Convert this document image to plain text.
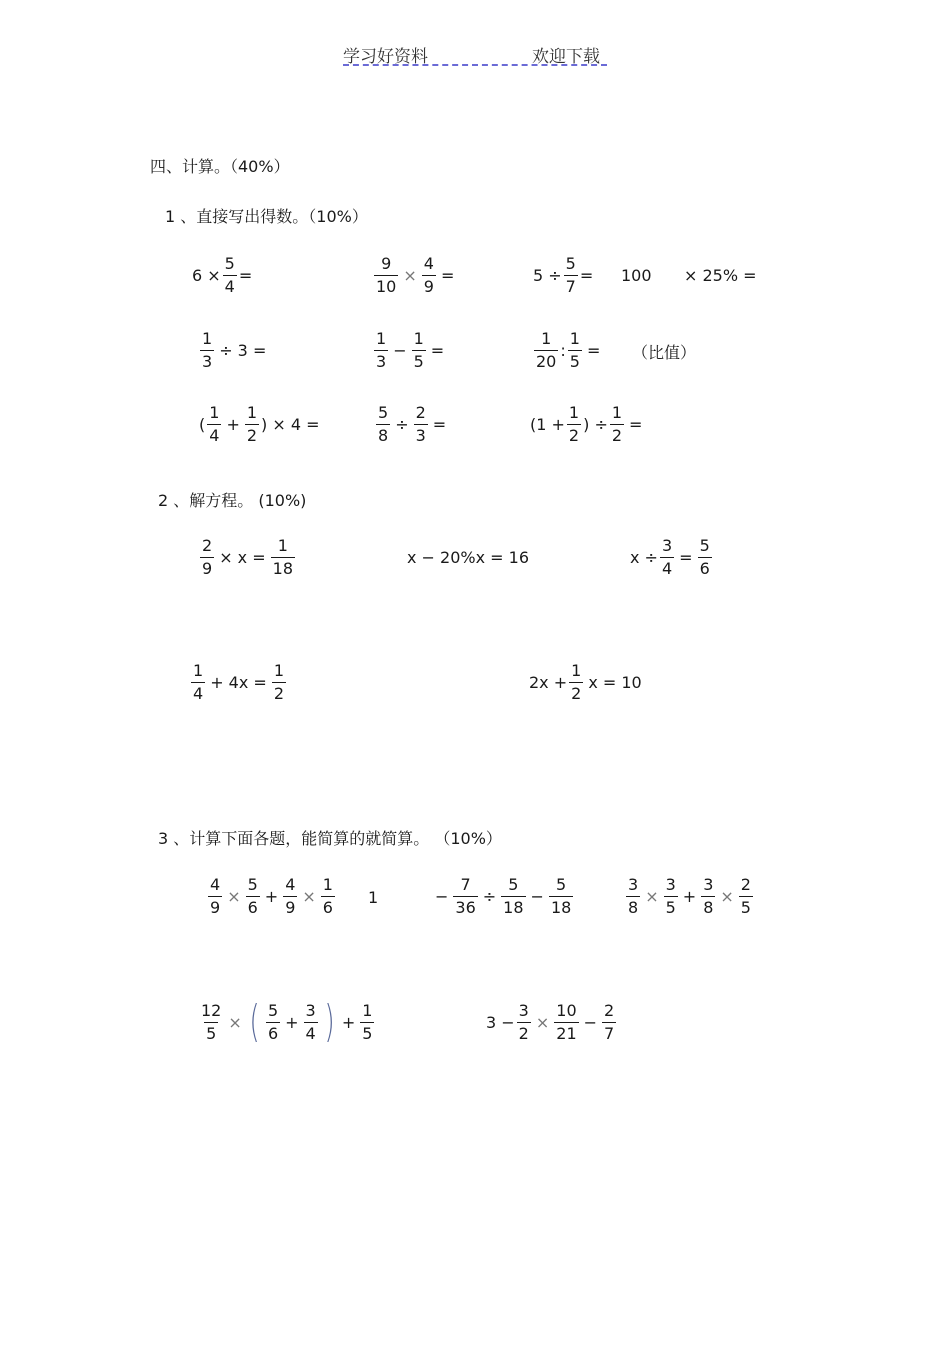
学习好资料	欢迎下载
四、计算。（40%）
1 、直接写出得数。（10%）
$6 \times \frac{5}{4}$ =	$\frac{9}{10} \times \frac{4}{9}$ =	$5 \div \frac{5}{7} = 100 \times 25\%$ =
$\frac{1}{3} \div 3$ =	$\frac{1}{3} - \frac{1}{5}$ =	$\frac{1}{20}$ : $\frac{1}{5}$ = （比值）
( $\frac{1}{4} + \frac{1}{2}$ ) × 4 =	$\frac{5}{8} \div \frac{2}{3}$ =	($1 + \frac{1}{2}$ ) ÷ $\frac{1}{2}$ =
2 、解方程。 (10%)
$\frac{2}{9} \times x = \frac{1}{18}$	x − 20%x = 16	$x \div \frac{3}{4} = \frac{5}{6}$
$\frac{1}{4} + 4x = \frac{1}{2}$	$2x + \frac{1}{2}$ x = 10
3 、计算下面各题，能简算的就简算。 （10%）
$\frac{4}{9} \times \frac{5}{6} + \frac{4}{9} \times \frac{1}{6} 1$	− $\frac{7}{36} \div \frac{5}{18} - \frac{5}{18}$	$\frac{3}{8} \times \frac{3}{5} + \frac{3}{8} \times \frac{2}{5}$
$\frac{12}{5}$ × ( $\frac{5}{6} + \frac{3}{4}$ ) + $\frac{1}{5}$	$3 - \frac{3}{2} \times \frac{10}{21} - \frac{2}{7}$
